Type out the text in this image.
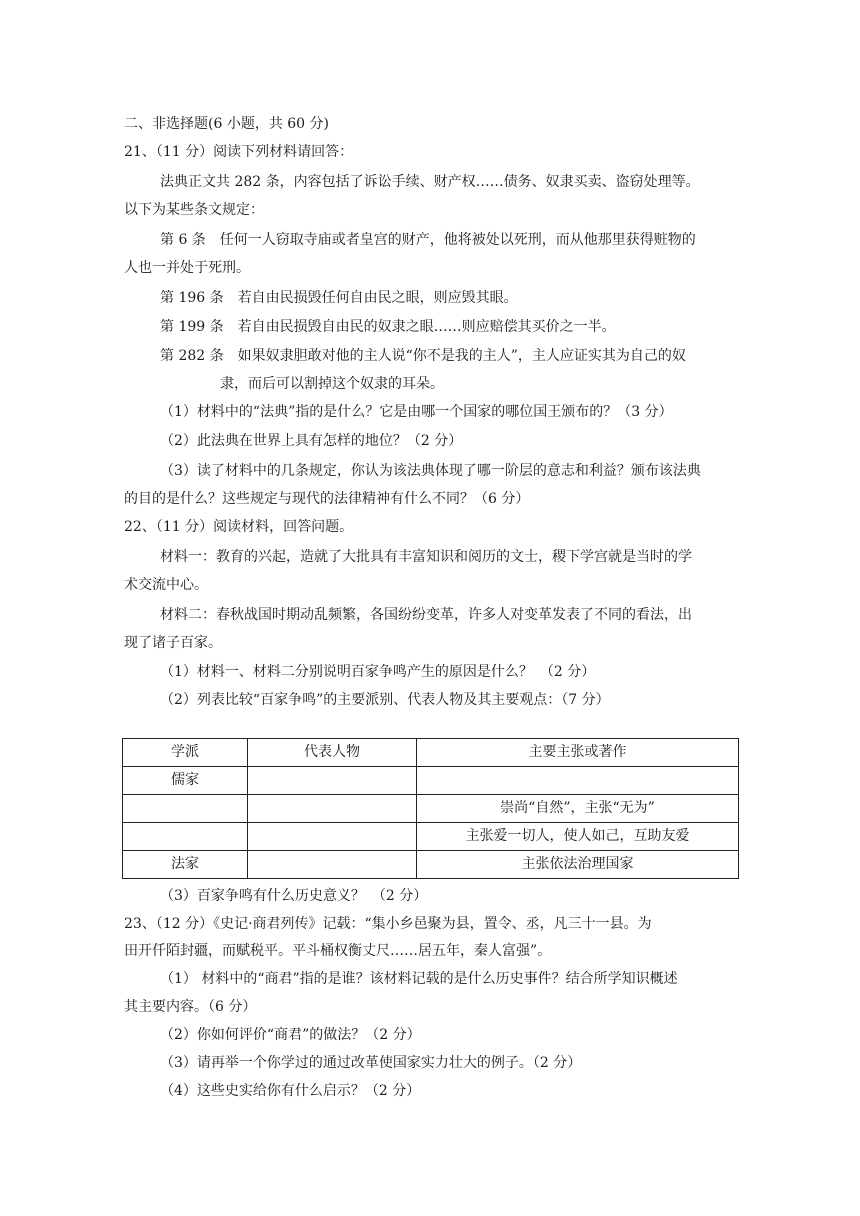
二、非选择题(6 小题，共 60 分)
21、（11 分）阅读下列材料请回答：
法典正文共 282 条，内容包括了诉讼手续、财产权……债务、奴隶买卖、盗窃处理等。
以下为某些条文规定：
第 6 条　任何一人窃取寺庙或者皇宫的财产，他将被处以死刑，而从他那里获得赃物的
人也一并处于死刑。
第 196 条　若自由民损毁任何自由民之眼，则应毁其眼。
第 199 条　若自由民损毁自由民的奴隶之眼……则应赔偿其买价之一半。
第 282 条　如果奴隶胆敢对他的主人说“你不是我的主人”，主人应证实其为自己的奴
隶，而后可以割掉这个奴隶的耳朵。
（1）材料中的“法典”指的是什么？它是由哪一个国家的哪位国王颁布的？（3 分）
（2）此法典在世界上具有怎样的地位？（2 分）
（3）读了材料中的几条规定，你认为该法典体现了哪一阶层的意志和利益？颁布该法典
的目的是什么？这些规定与现代的法律精神有什么不同？（6 分）
22、（11 分）阅读材料，回答问题。
材料一：教育的兴起，造就了大批具有丰富知识和阅历的文士，稷下学宫就是当时的学
术交流中心。
材料二：春秋战国时期动乱频繁，各国纷纷变革，许多人对变革发表了不同的看法，出
现了诸子百家。
（1）材料一、材料二分别说明百家争鸣产生的原因是什么？　（2 分）
（2）列表比较“百家争鸣”的主要派别、代表人物及其主要观点：（7 分）
学派	代表人物	主要主张或著作
儒家		
		崇尚“自然”，主张“无为”
		主张爱一切人，使人如己，互助友爱
法家		主张依法治理国家
（3）百家争鸣有什么历史意义？　（2 分）
23、（12 分）《史记·商君列传》记载：“集小乡邑聚为县，置令、丞，凡三十一县。为
田开仟陌封疆，而赋税平。平斗桶权衡丈尺……居五年，秦人富强”。
（1） 材料中的“商君”指的是谁？该材料记载的是什么历史事件？结合所学知识概述
其主要内容。（6 分）
（2）你如何评价“商君”的做法？（2 分）
（3）请再举一个你学过的通过改革使国家实力壮大的例子。（2 分）
（4）这些史实给你有什么启示？（2 分）
